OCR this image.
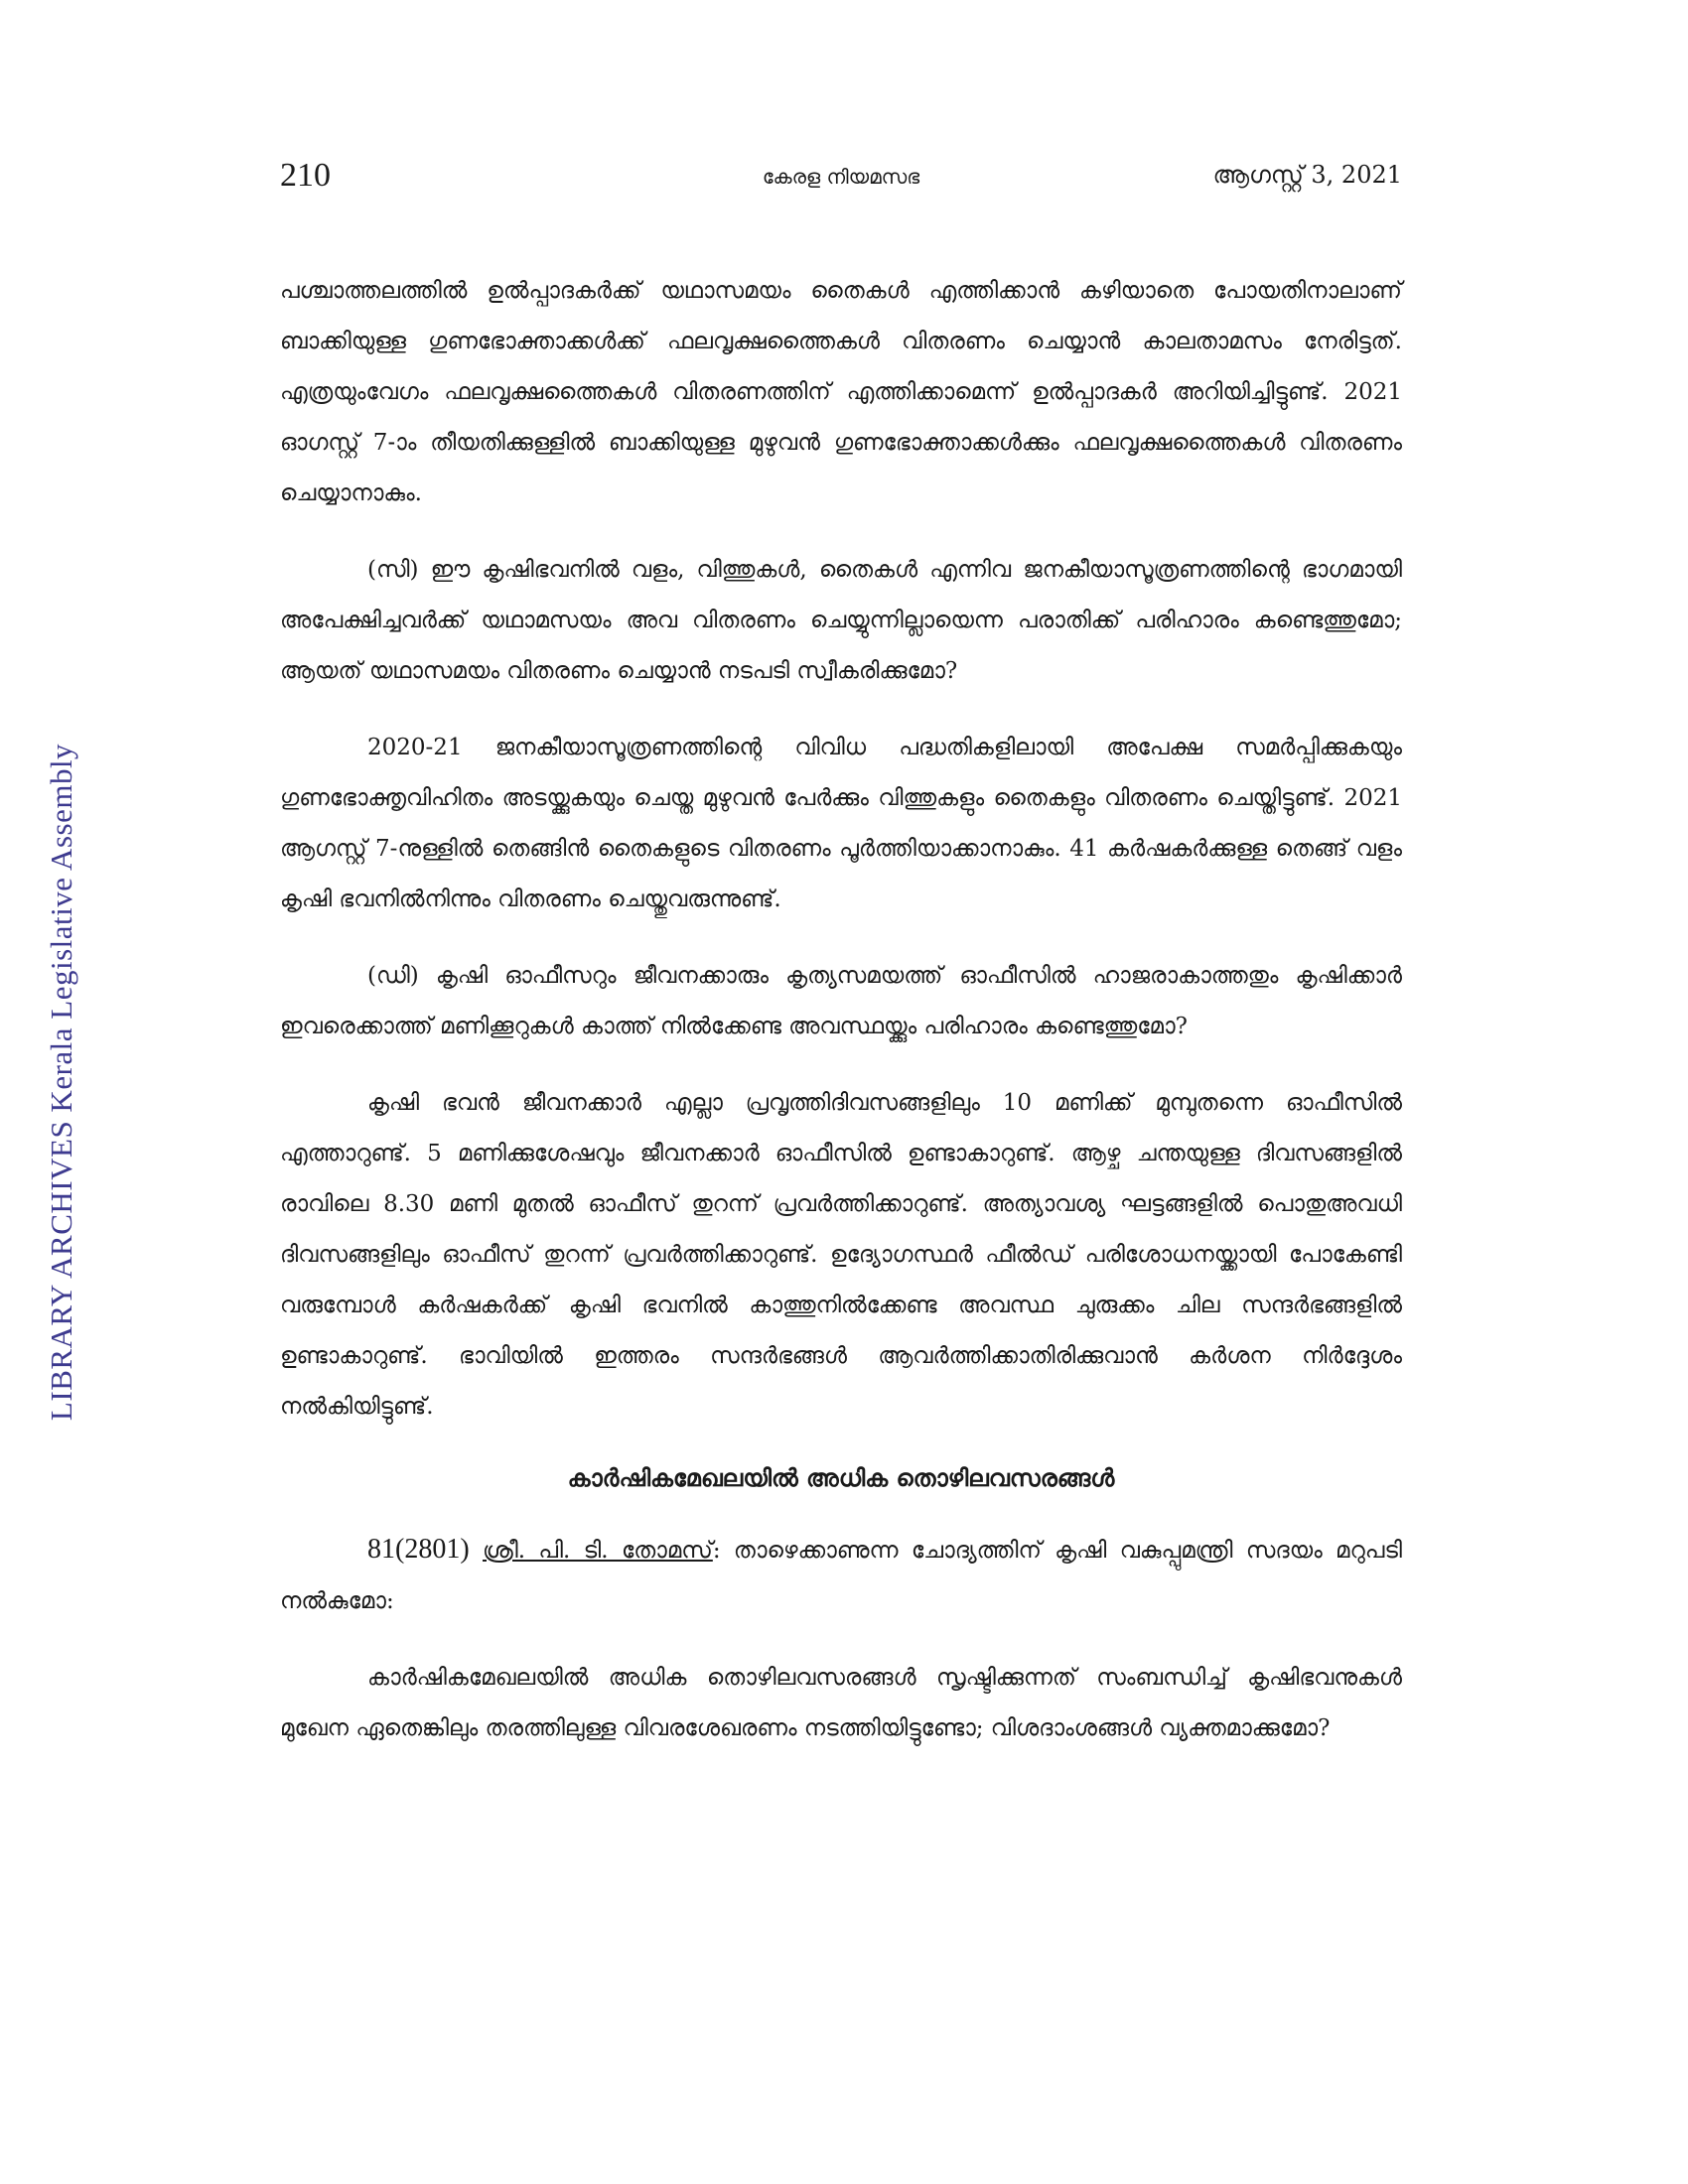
LIBRARY ARCHIVES Kerala Legislative Assembly
210	കേരള നിയമസഭ	ആഗസ്റ്റ് 3, 2021

പശ്ചാത്തലത്തിൽ ഉൽപ്പാദകർക്ക് യഥാസമയം തൈകൾ എത്തിക്കാൻ കഴിയാതെ പോയതിനാലാണ് ബാക്കിയുള്ള ഗുണഭോക്താക്കൾക്ക് ഫലവൃക്ഷത്തൈകൾ വിതരണം ചെയ്യാൻ കാലതാമസം നേരിട്ടത്. എത്രയുംവേഗം ഫലവൃക്ഷത്തൈകൾ വിതരണത്തിന് എത്തിക്കാമെന്ന് ഉൽപ്പാദകർ അറിയിച്ചിട്ടുണ്ട്. 2021 ഓഗസ്റ്റ് 7-ാം തീയതിക്കുള്ളിൽ ബാക്കിയുള്ള മുഴുവൻ ഗുണഭോക്താക്കൾക്കും ഫലവൃക്ഷത്തൈകൾ വിതരണം ചെയ്യാനാകും.

(സി) ഈ കൃഷിഭവനിൽ വളം, വിത്തുകൾ, തൈകൾ എന്നിവ ജനകീയാസൂത്രണത്തിന്റെ ഭാഗമായി അപേക്ഷിച്ചവർക്ക് യഥാമസയം അവ വിതരണം ചെയ്യുന്നില്ലായെന്ന പരാതിക്ക് പരിഹാരം കണ്ടെത്തുമോ; ആയത് യഥാസമയം വിതരണം ചെയ്യാൻ നടപടി സ്വീകരിക്കുമോ?

2020-21 ജനകീയാസൂത്രണത്തിന്റെ വിവിധ പദ്ധതികളിലായി അപേക്ഷ സമർപ്പിക്കുകയും ഗുണഭോക്തൃവിഹിതം അടയ്ക്കുകയും ചെയ്ത മുഴുവൻ പേർക്കും വിത്തുകളും തൈകളും വിതരണം ചെയ്തിട്ടുണ്ട്. 2021 ആഗസ്റ്റ് 7-നുള്ളിൽ തെങ്ങിൻ തൈകളുടെ വിതരണം പൂർത്തിയാക്കാനാകും. 41 കർഷകർക്കുള്ള തെങ്ങ് വളം കൃഷി ഭവനിൽനിന്നും വിതരണം ചെയ്തുവരുന്നുണ്ട്.

(ഡി) കൃഷി ഓഫീസറും ജീവനക്കാരും കൃത്യസമയത്ത് ഓഫീസിൽ ഹാജരാകാത്തതും കൃഷിക്കാർ ഇവരെക്കാത്ത് മണിക്കൂറുകൾ കാത്ത് നിൽക്കേണ്ട അവസ്ഥയ്ക്കും പരിഹാരം കണ്ടെത്തുമോ?

കൃഷി ഭവൻ ജീവനക്കാർ എല്ലാ പ്രവൃത്തിദിവസങ്ങളിലും 10 മണിക്ക് മുമ്പുതന്നെ ഓഫീസിൽ എത്താറുണ്ട്. 5 മണിക്കുശേഷവും ജീവനക്കാർ ഓഫീസിൽ ഉണ്ടാകാറുണ്ട്. ആഴ്ച ചന്തയുള്ള ദിവസങ്ങളിൽ രാവിലെ 8.30 മണി മുതൽ ഓഫീസ് തുറന്ന് പ്രവർത്തിക്കാറുണ്ട്. അത്യാവശ്യ ഘട്ടങ്ങളിൽ പൊതുഅവധി ദിവസങ്ങളിലും ഓഫീസ് തുറന്ന് പ്രവർത്തിക്കാറുണ്ട്. ഉദ്യോഗസ്ഥർ ഫീൽഡ് പരിശോധനയ്ക്കായി പോകേണ്ടി വരുമ്പോൾ കർഷകർക്ക് കൃഷി ഭവനിൽ കാത്തുനിൽക്കേണ്ട അവസ്ഥ ചുരുക്കം ചില സന്ദർഭങ്ങളിൽ ഉണ്ടാകാറുണ്ട്. ഭാവിയിൽ ഇത്തരം സന്ദർഭങ്ങൾ ആവർത്തിക്കാതിരിക്കുവാൻ കർശന നിർദ്ദേശം നൽകിയിട്ടുണ്ട്.

കാർഷികമേഖലയിൽ അധിക തൊഴിലവസരങ്ങൾ

81(2801) ശ്രീ. പി. ടി. തോമസ്: താഴെക്കാണുന്ന ചോദ്യത്തിന് കൃഷി വകുപ്പുമന്ത്രി സദയം മറുപടി നൽകുമോ:

കാർഷികമേഖലയിൽ അധിക തൊഴിലവസരങ്ങൾ സൃഷ്ടിക്കുന്നത് സംബന്ധിച്ച് കൃഷിഭവനുകൾ മുഖേന ഏതെങ്കിലും തരത്തിലുള്ള വിവരശേഖരണം നടത്തിയിട്ടുണ്ടോ; വിശദാംശങ്ങൾ വ്യക്തമാക്കുമോ?
